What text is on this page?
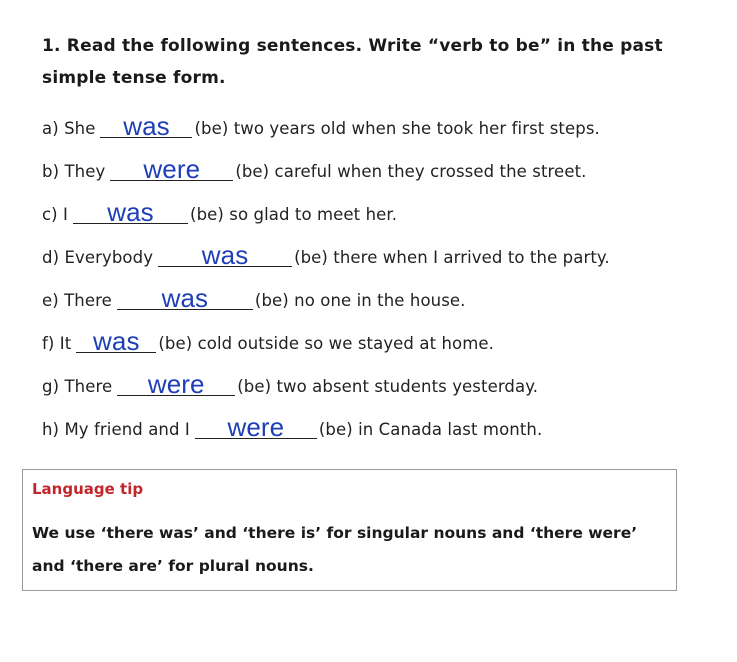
1. Read the following sentences. Write “verb to be” in the past simple tense form.

a) She	was	(be) two years old when she took her first steps.
b) They	were	(be) careful when they crossed the street.
c) I	was	(be) so glad to meet her.
d) Everybody	was	(be) there when I arrived to the party.
e) There	was	(be) no one in the house.
f) It was	(be) cold outside so we stayed at home.
g) There	were	(be) two absent students yesterday.
h) My friend and I	were	(be) in Canada last month.

Language tip

We use ‘there was’ and ‘there is’ for singular nouns and ‘there were’ and ‘there are’ for plural nouns.
